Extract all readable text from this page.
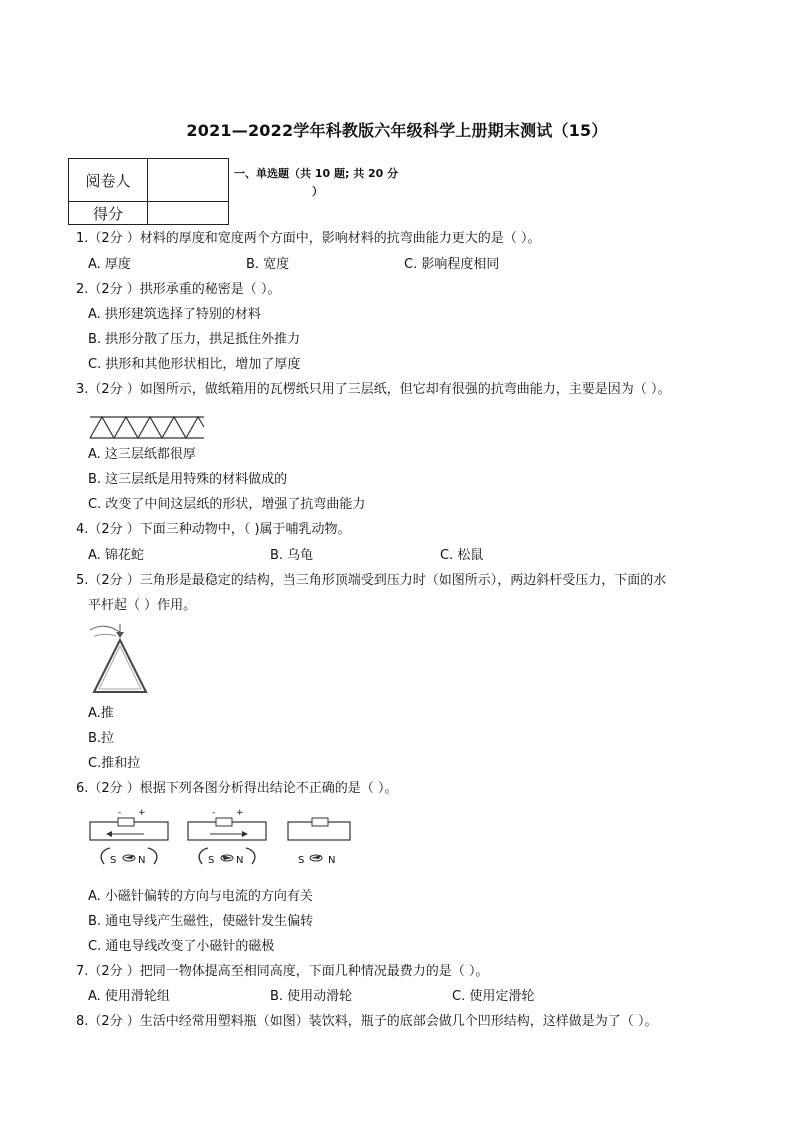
2021—2022学年科教版六年级科学上册期末测试（15）
阅卷人	
得分	
一、单选题（共 10 题; 共 20 分
）
1.（2分 ）材料的厚度和宽度两个方面中，影响材料的抗弯曲能力更大的是（ ）。
A. 厚度	B. 宽度	C. 影响程度相同
2.（2分 ）拱形承重的秘密是（ ）。
A. 拱形建筑选择了特别的材料
B. 拱形分散了压力，拱足抵住外推力
C. 拱形和其他形状相比，增加了厚度
3.（2分 ）如图所示，做纸箱用的瓦楞纸只用了三层纸，但它却有很强的抗弯曲能力，主要是因为（ ）。
A. 这三层纸都很厚
B. 这三层纸是用特殊的材料做成的
C. 改变了中间这层纸的形状，增强了抗弯曲能力
4.（2分 ）下面三种动物中，（ )属于哺乳动物。
A. 锦花蛇	B. 乌龟	C. 松鼠
5.（2分 ）三角形是最稳定的结构，当三角形顶端受到压力时（如图所示），两边斜杆受压力，下面的水
平杆起（ ）作用。
A.推
B.拉
C.推和拉
6.（2分 ）根据下列各图分析得出结论不正确的是（ ）。
- +
S N
- +
S N	S N
A. 小磁针偏转的方向与电流的方向有关
B. 通电导线产生磁性，使磁针发生偏转
C. 通电导线改变了小磁针的磁极
7.（2分 ）把同一物体提高至相同高度，下面几种情况最费力的是（ ）。
A. 使用滑轮组	B. 使用动滑轮	C. 使用定滑轮
8.（2分 ）生活中经常用塑料瓶（如图）装饮料，瓶子的底部会做几个凹形结构，这样做是为了（ ）。
